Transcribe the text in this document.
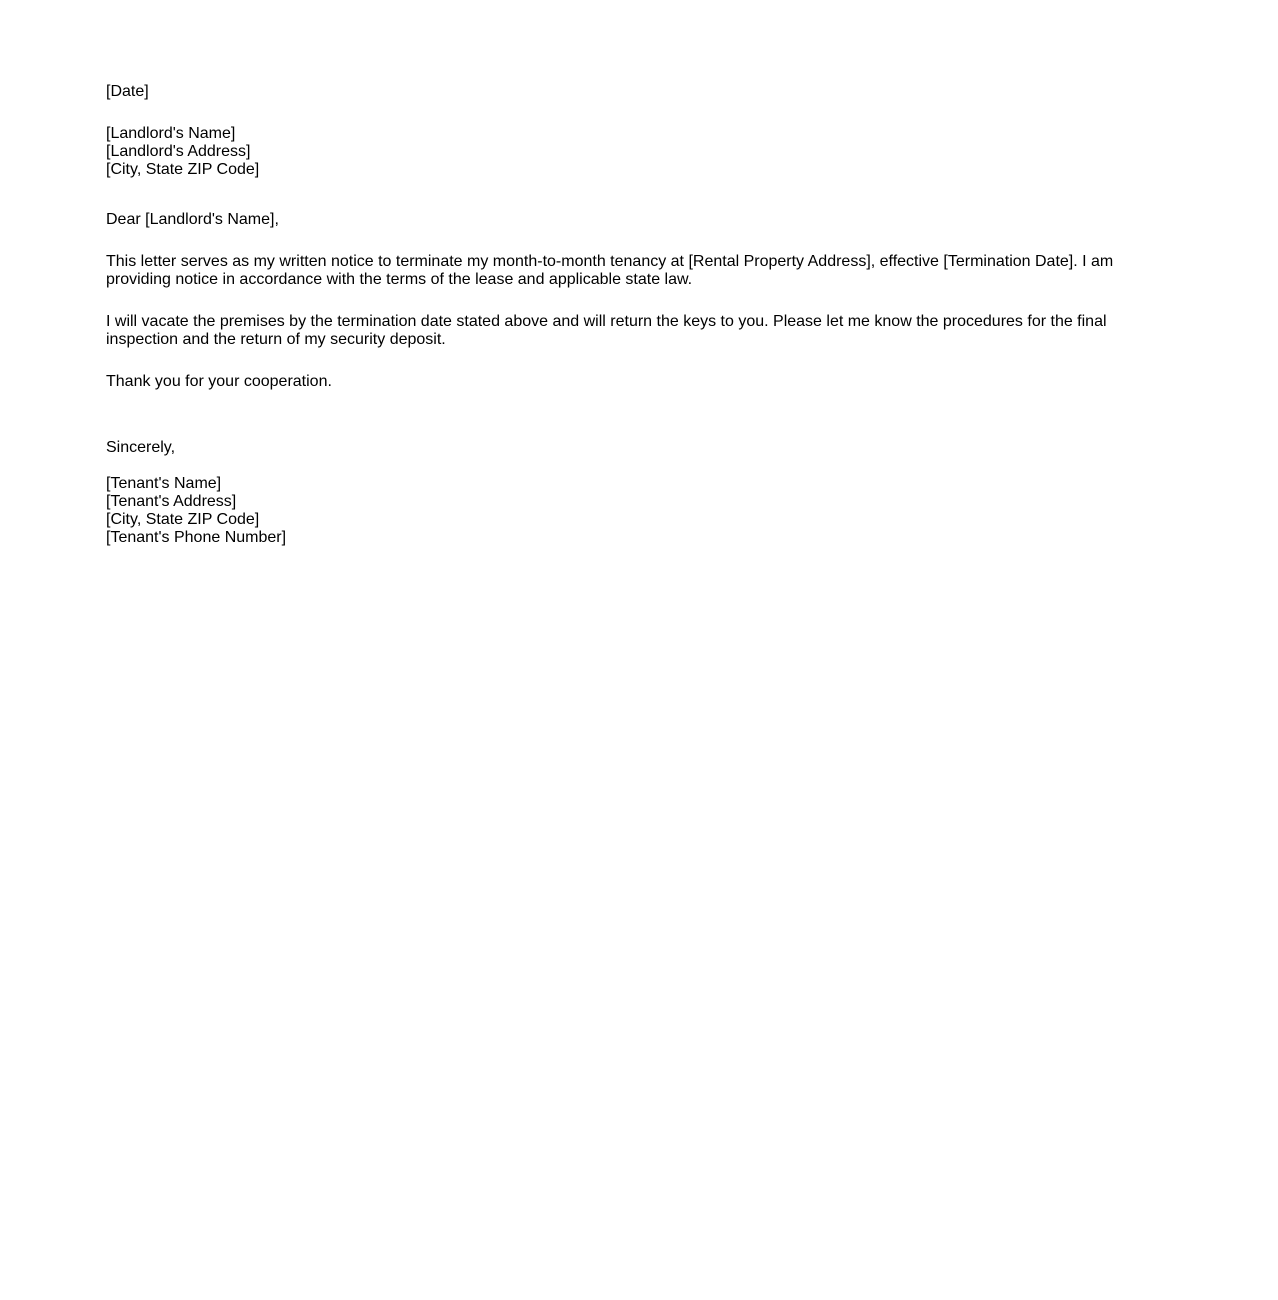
[Date]

[Landlord's Name]

[Landlord's Address]

[City, State ZIP Code]

Dear [Landlord's Name],

This letter serves as my written notice to terminate my month-to-month tenancy at [Rental Property Address], effective [Termination Date]. I am providing notice in accordance with the terms of the lease and applicable state law.

I will vacate the premises by the termination date stated above and will return the keys to you. Please let me know the procedures for the final inspection and the return of my security deposit.

Thank you for your cooperation.

Sincerely,

[Tenant's Name]

[Tenant's Address]

[City, State ZIP Code]

[Tenant's Phone Number]
